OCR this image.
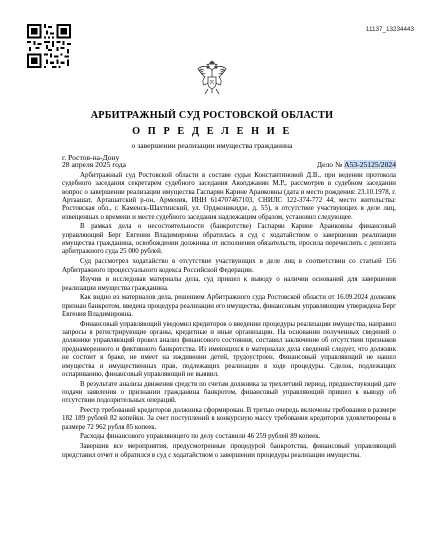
11137_13234443
АРБИТРАЖНЫЙ СУД РОСТОВСКОЙ ОБЛАСТИ
О П Р Е Д Е Л Е Н И Е
о завершении реализации имущества гражданина
г. Ростов-на-Дону
28 апреля 2025 года	Дело № А53-25125/2024

Арбитражный суд Ростовской области в составе судьи Константиновой Д.В., при ведении протокола судебного заседания секретарем судебного заседания Акопджанян М.Р., рассмотрев в судебном заседании вопрос о завершении реализации имущества Гаспарян Карине Араиковны (дата и место рождения: 23.10.1978, г. Артаашат, Арташатский р-он, Армения, ИНН 614707467103, СНИЛС 122-374-772 44, место жительства: Ростовская обл., г. Каменск-Шахтинский, ул. Орджоникидзе, д. 55), в отсутствие участвующих в деле лиц, извещенных о времени и месте судебного заседания надлежащим образом, установил следующее.

В рамках дела о несостоятельности (банкротстве) Гаспарян Карине Араиковны финансовый управляющий Берг Евгения Владимировна обратилась в суд с ходатайством о завершении реализации имущества гражданина, освобождении должника от исполнения обязательств, просила перечислить с депозита арбитражного суда 25 000 рублей.

Суд рассмотрел ходатайство в отсутствие участвующих в деле лиц в соответствии со статьей 156 Арбитражного процессуального кодекса Российской Федерации.

Изучив и исследовав материалы дела, суд пришел к выводу о наличии оснований для завершения реализации имущества гражданина.

Как видно из материалов дела, решением Арбитражного суда Ростовской области от 16.09.2024 должник признан банкротом, введена процедура реализации его имущества, финансовым управляющим утверждена Берг Евгения Владимировна.

Финансовый управляющий уведомил кредиторов о введении процедуры реализации имущества, направил запросы в регистрирующие органы, кредитные и иные организации. На основании полученных сведений о должнике управляющий провел анализ финансового состояния, составил заключение об отсутствии признаков преднамеренного и фиктивного банкротства. Из имеющихся в материалах дела сведений следует, что должник не состоит в браке, не имеет на иждивении детей, трудоустроен. Финансовый управляющий не нашел имущества и имущественных прав, подлежащих реализации в ходе процедуры. Сделок, подлежащих оспариванию, финансовый управляющий не выявил.

В результате анализа движения средств по счетам должника за трехлетний период, предшествующий дате подачи заявления о признании гражданина банкротом, финансовый управляющий пришел к выводу об отсутствии подозрительных операций.

Реестр требований кредиторов должника сформирован. В третью очередь включены требования в размере 182 189 рублей 82 копейки. За счет поступлений в конкурсную массу требования кредиторов удовлетворены в размере 72 962 рубля 85 копеек.

Расходы финансового управляющего по делу составили 46 259 рублей 89 копеек.

Завершив все мероприятия, предусмотренные процедурой банкротства, финансовый управляющий представил отчет и обратился в суд с ходатайством о завершении процедуры реализации имущества.
